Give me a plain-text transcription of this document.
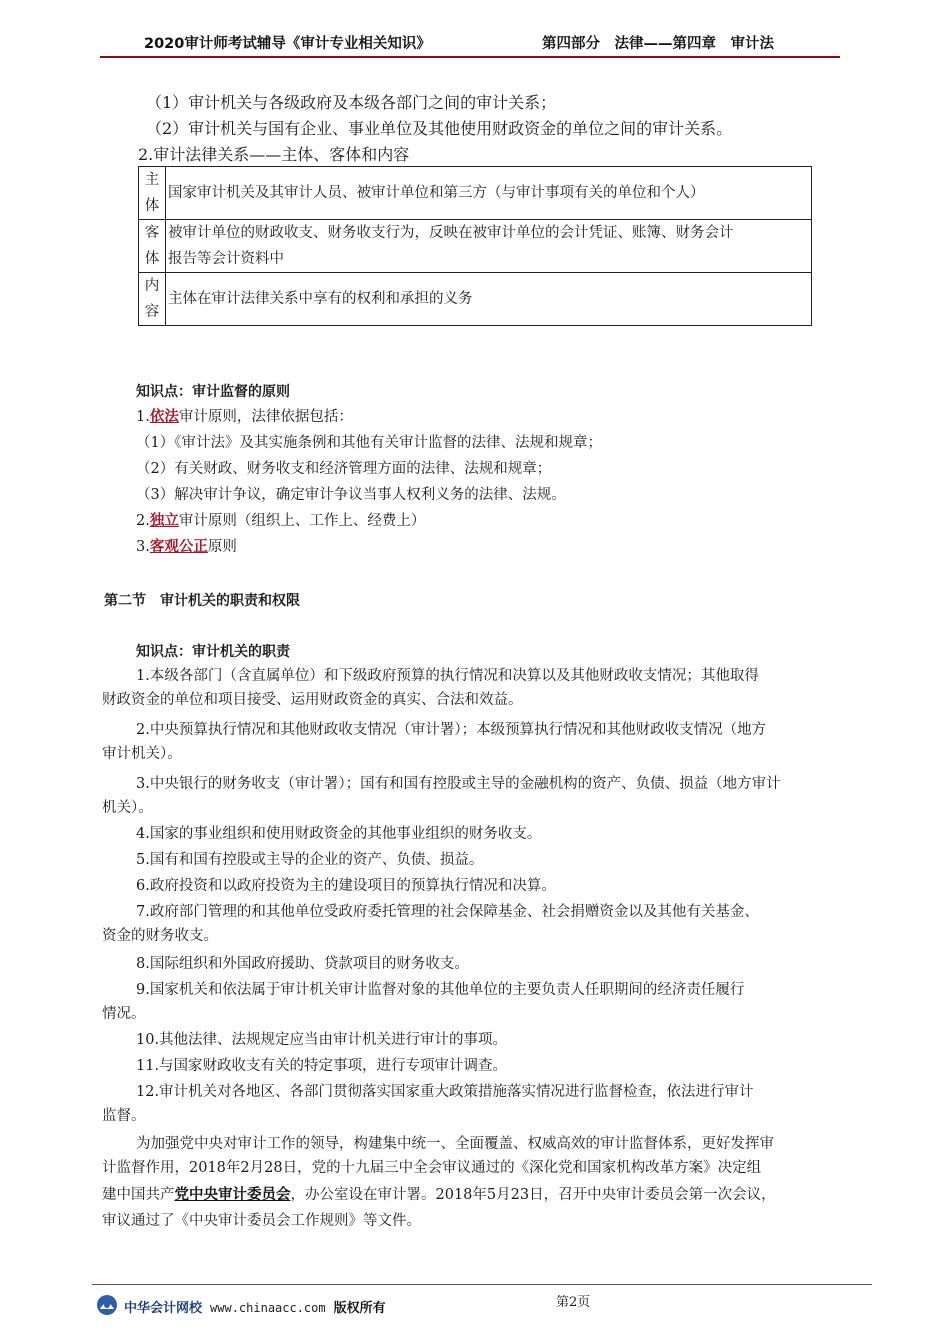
2020审计师考试辅导《审计专业相关知识》	第四部分　法律——第四章　审计法

（1）审计机关与各级政府及本级各部门之间的审计关系；

（2）审计机关与国有企业、事业单位及其他使用财政资金的单位之间的审计关系。

2.审计法律关系——主体、客体和内容

主
体	国家审计机关及其审计人员、被审计单位和第三方（与审计事项有关的单位和个人）
客
体	被审计单位的财政收支、财务收支行为，反映在被审计单位的会计凭证、账簿、财务会计
报告等会计资料中
内
容	主体在审计法律关系中享有的权利和承担的义务

知识点：审计监督的原则

1.依法审计原则，法律依据包括：

（1）《审计法》及其实施条例和其他有关审计监督的法律、法规和规章；

（2）有关财政、财务收支和经济管理方面的法律、法规和规章；

（3）解决审计争议，确定审计争议当事人权利义务的法律、法规。

2.独立审计原则（组织上、工作上、经费上）

3.客观公正原则

第二节　审计机关的职责和权限

知识点：审计机关的职责

1.本级各部门（含直属单位）和下级政府预算的执行情况和决算以及其他财政收支情况；其他取得

财政资金的单位和项目接受、运用财政资金的真实、合法和效益。

2.中央预算执行情况和其他财政收支情况（审计署）；本级预算执行情况和其他财政收支情况（地方

审计机关）。

3.中央银行的财务收支（审计署）；国有和国有控股或主导的金融机构的资产、负债、损益（地方审计

机关）。

4.国家的事业组织和使用财政资金的其他事业组织的财务收支。

5.国有和国有控股或主导的企业的资产、负债、损益。

6.政府投资和以政府投资为主的建设项目的预算执行情况和决算。

7.政府部门管理的和其他单位受政府委托管理的社会保障基金、社会捐赠资金以及其他有关基金、

资金的财务收支。

8.国际组织和外国政府援助、贷款项目的财务收支。

9.国家机关和依法属于审计机关审计监督对象的其他单位的主要负责人任职期间的经济责任履行

情况。

10.其他法律、法规规定应当由审计机关进行审计的事项。

11.与国家财政收支有关的特定事项，进行专项审计调查。

12.审计机关对各地区、各部门贯彻落实国家重大政策措施落实情况进行监督检查，依法进行审计

监督。

为加强党中央对审计工作的领导，构建集中统一、全面覆盖、权威高效的审计监督体系，更好发挥审

计监督作用，2018年2月28日，党的十九届三中全会审议通过的《深化党和国家机构改革方案》决定组

建中国共产党中央审计委员会，办公室设在审计署。2018年5月23日，召开中央审计委员会第一次会议，

审议通过了《中央审计委员会工作规则》等文件。

中华会计网校 www.chinaacc.com 版权所有	第2页
